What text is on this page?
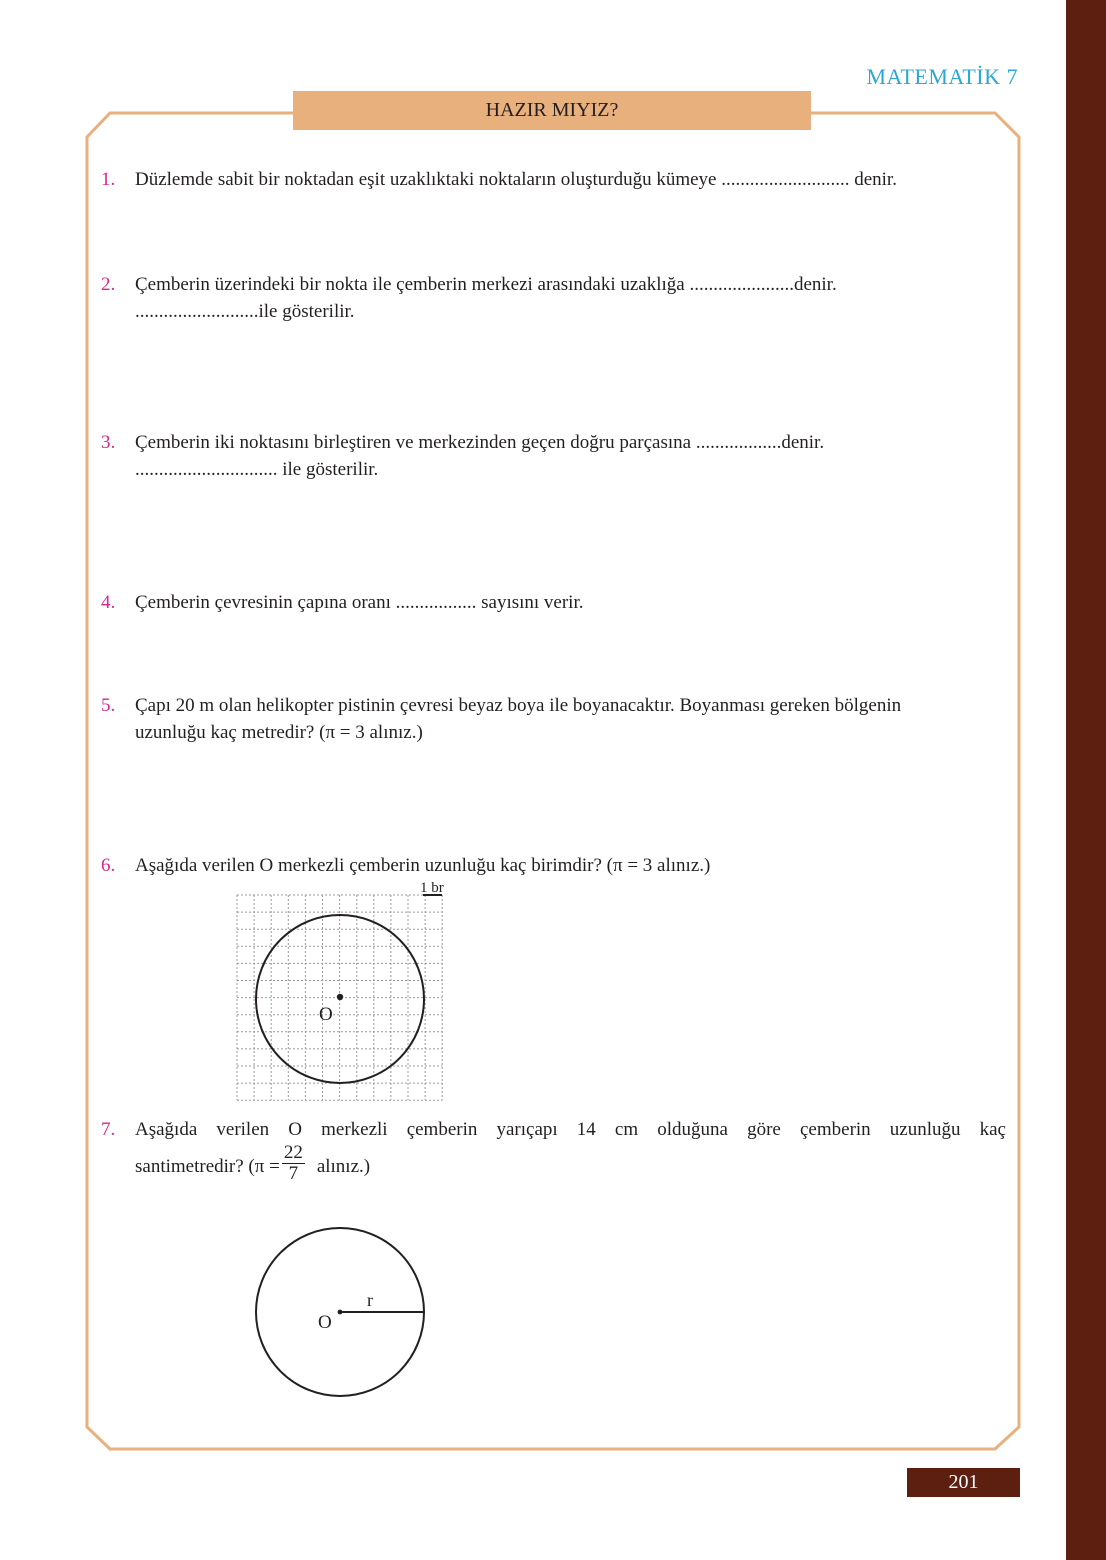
MATEMATİK 7
HAZIR MIYIZ?
1. Düzlemde sabit bir noktadan eşit uzaklıktaki noktaların oluşturduğu kümeye ........................... denir.

2. Çemberin üzerindeki bir nokta ile çemberin merkezi arasındaki uzaklığa ......................denir.

..........................ile gösterilir.

3. Çemberin iki noktasını birleştiren ve merkezinden geçen doğru parçasına ..................denir.

.............................. ile gösterilir.

4. Çemberin çevresinin çapına oranı ................. sayısını verir.

5. Çapı 20 m olan helikopter pistinin çevresi beyaz boya ile boyanacaktır. Boyanması gereken bölgenin

uzunluğu kaç metredir? (π = 3 alınız.)

6. Aşağıda verilen O merkezli çemberin uzunluğu kaç birimdir? (π = 3 alınız.)

O
1 br
7. Aşağıda verilen O merkezli çemberin yarıçapı 14 cm olduğuna göre çemberin uzunluğu kaç

santimetredir? ($\pi = \frac{22}{7}$ alınız.)

r
O
201
